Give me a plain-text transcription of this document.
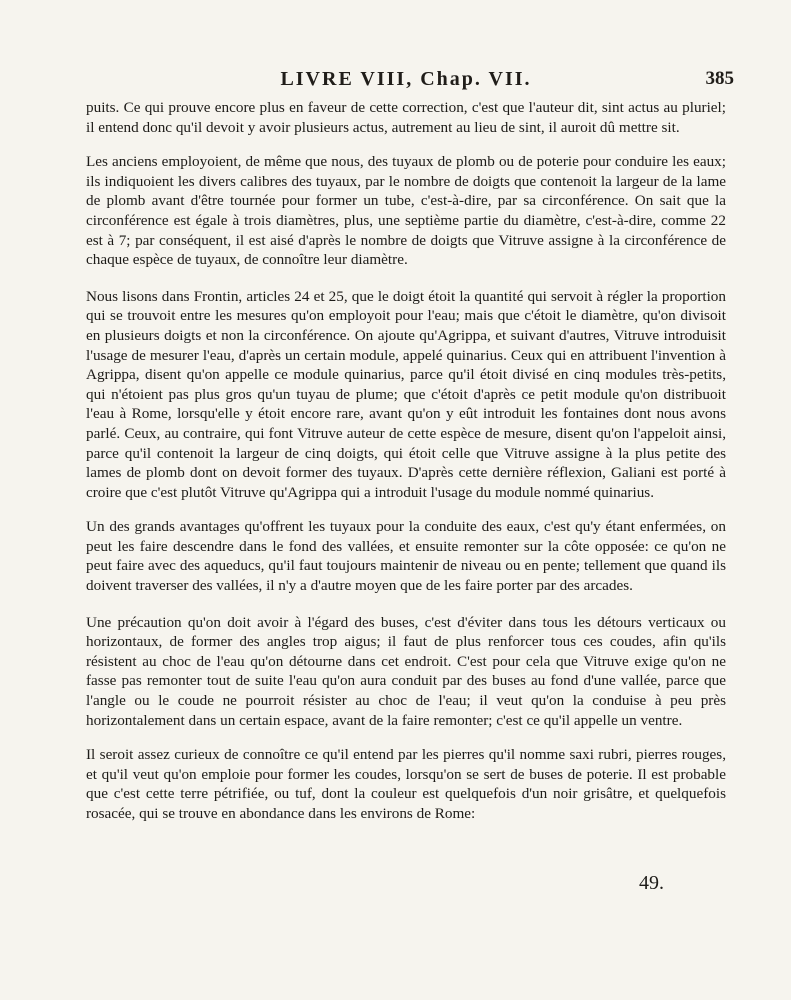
LIVRE VIII, Chap. VII.	385

puits. Ce qui prouve encore plus en faveur de cette correction, c'est que l'auteur dit, sint actus au pluriel; il entend donc qu'il devoit y avoir plusieurs actus, autrement au lieu de sint, il auroit dû mettre sit.

Les anciens employoient, de même que nous, des tuyaux de plomb ou de poterie pour conduire les eaux; ils indiquoient les divers calibres des tuyaux, par le nombre de doigts que contenoit la largeur de la lame de plomb avant d'être tournée pour former un tube, c'est-à-dire, par sa circonférence. On sait que la circonférence est égale à trois diamètres, plus, une septième partie du diamètre, c'est-à-dire, comme 22 est à 7; par conséquent, il est aisé d'après le nombre de doigts que Vitruve assigne à la circonférence de chaque espèce de tuyaux, de connoître leur diamètre.

Nous lisons dans Frontin, articles 24 et 25, que le doigt étoit la quantité qui servoit à régler la proportion qui se trouvoit entre les mesures qu'on employoit pour l'eau; mais que c'étoit le diamètre, qu'on divisoit en plusieurs doigts et non la circonférence. On ajoute qu'Agrippa, et suivant d'autres, Vitruve introduisit l'usage de mesurer l'eau, d'après un certain module, appelé quinarius. Ceux qui en attribuent l'invention à Agrippa, disent qu'on appelle ce module quinarius, parce qu'il étoit divisé en cinq modules très-petits, qui n'étoient pas plus gros qu'un tuyau de plume; que c'étoit d'après ce petit module qu'on distribuoit l'eau à Rome, lorsqu'elle y étoit encore rare, avant qu'on y eût introduit les fontaines dont nous avons parlé. Ceux, au contraire, qui font Vitruve auteur de cette espèce de mesure, disent qu'on l'appeloit ainsi, parce qu'il contenoit la largeur de cinq doigts, qui étoit celle que Vitruve assigne à la plus petite des lames de plomb dont on devoit former des tuyaux. D'après cette dernière réflexion, Galiani est porté à croire que c'est plutôt Vitruve qu'Agrippa qui a introduit l'usage du module nommé quinarius.

Un des grands avantages qu'offrent les tuyaux pour la conduite des eaux, c'est qu'y étant enfermées, on peut les faire descendre dans le fond des vallées, et ensuite remonter sur la côte opposée: ce qu'on ne peut faire avec des aqueducs, qu'il faut toujours maintenir de niveau ou en pente; tellement que quand ils doivent traverser des vallées, il n'y a d'autre moyen que de les faire porter par des arcades.

Une précaution qu'on doit avoir à l'égard des buses, c'est d'éviter dans tous les détours verticaux ou horizontaux, de former des angles trop aigus; il faut de plus renforcer tous ces coudes, afin qu'ils résistent au choc de l'eau qu'on détourne dans cet endroit. C'est pour cela que Vitruve exige qu'on ne fasse pas remonter tout de suite l'eau qu'on aura conduit par des buses au fond d'une vallée, parce que l'angle ou le coude ne pourroit résister au choc de l'eau; il veut qu'on la conduise à peu près horizontalement dans un certain espace, avant de la faire remonter; c'est ce qu'il appelle un ventre.

Il seroit assez curieux de connoître ce qu'il entend par les pierres qu'il nomme saxi rubri, pierres rouges, et qu'il veut qu'on emploie pour former les coudes, lorsqu'on se sert de buses de poterie. Il est probable que c'est cette terre pétrifiée, ou tuf, dont la couleur est quelquefois d'un noir grisâtre, et quelquefois rosacée, qui se trouve en abondance dans les environs de Rome:

49.
